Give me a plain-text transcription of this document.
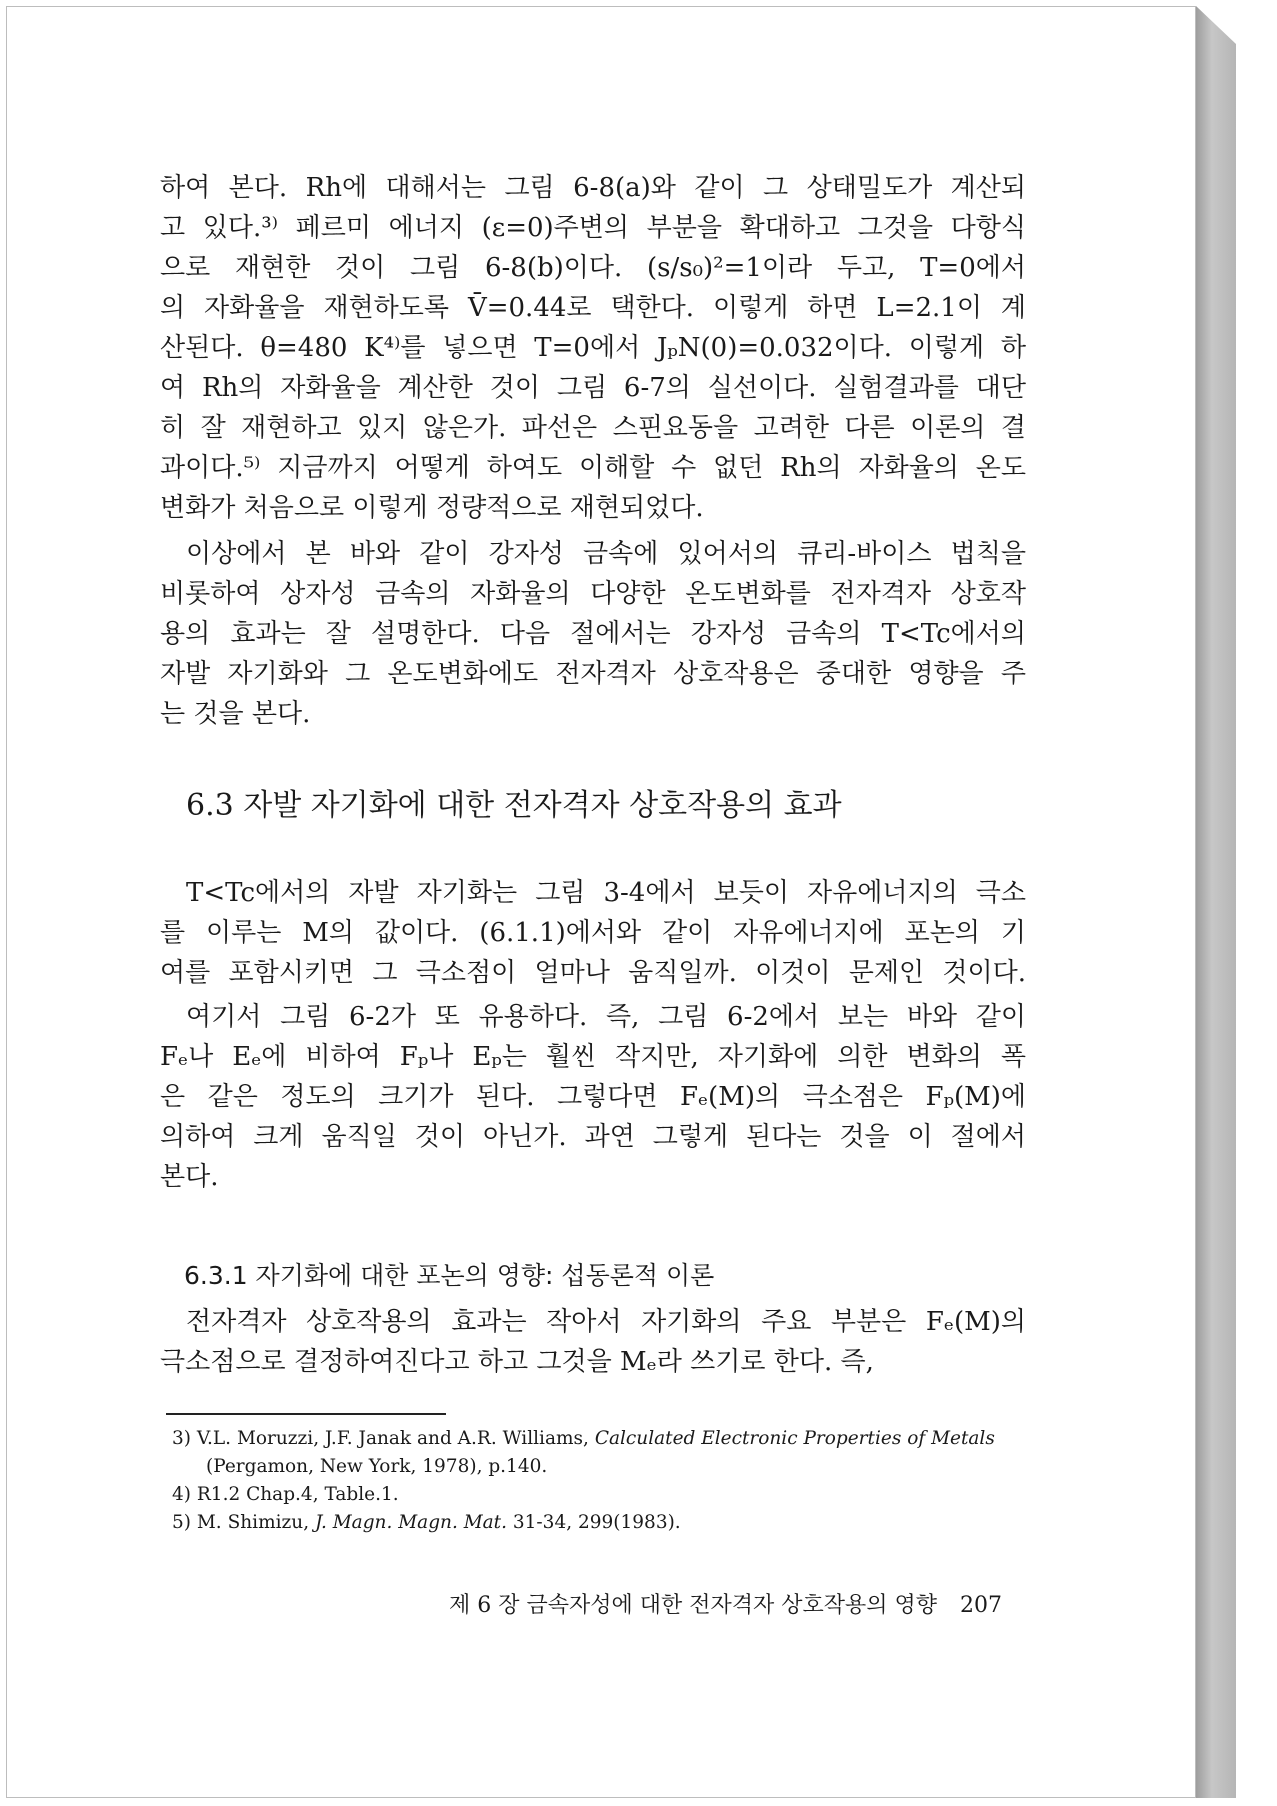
하여 본다. Rh에 대해서는 그림 6-8(a)와 같이 그 상태밀도가 계산되
고 있다.³⁾ 페르미 에너지 (ε=0)주변의 부분을 확대하고 그것을 다항식
으로 재현한 것이 그림 6-8(b)이다. (s/s₀)²=1이라 두고, T=0에서
의 자화율을 재현하도록 V̄=0.44로 택한다. 이렇게 하면 L=2.1이 계
산된다. θ=480 K⁴⁾를 넣으면 T=0에서 JₚN(0)=0.032이다. 이렇게 하
여 Rh의 자화율을 계산한 것이 그림 6-7의 실선이다. 실험결과를 대단
히 잘 재현하고 있지 않은가. 파선은 스핀요동을 고려한 다른 이론의 결
과이다.⁵⁾ 지금까지 어떻게 하여도 이해할 수 없던 Rh의 자화율의 온도
변화가 처음으로 이렇게 정량적으로 재현되었다.
이상에서 본 바와 같이 강자성 금속에 있어서의 큐리-바이스 법칙을
비롯하여 상자성 금속의 자화율의 다양한 온도변화를 전자격자 상호작
용의 효과는 잘 설명한다. 다음 절에서는 강자성 금속의 T<Tc에서의
자발 자기화와 그 온도변화에도 전자격자 상호작용은 중대한 영향을 주
는 것을 본다.
6.3 자발 자기화에 대한 전자격자 상호작용의 효과
T<Tc에서의 자발 자기화는 그림 3-4에서 보듯이 자유에너지의 극소
를 이루는 M의 값이다. (6.1.1)에서와 같이 자유에너지에 포논의 기
여를 포함시키면 그 극소점이 얼마나 움직일까. 이것이 문제인 것이다.
여기서 그림 6-2가 또 유용하다. 즉, 그림 6-2에서 보는 바와 같이
Fₑ나 Eₑ에 비하여 Fₚ나 Eₚ는 훨씬 작지만, 자기화에 의한 변화의 폭
은 같은 정도의 크기가 된다. 그렇다면 Fₑ(M)의 극소점은 Fₚ(M)에
의하여 크게 움직일 것이 아닌가. 과연 그렇게 된다는 것을 이 절에서
본다.
6.3.1 자기화에 대한 포논의 영향: 섭동론적 이론
전자격자 상호작용의 효과는 작아서 자기화의 주요 부분은 Fₑ(M)의
극소점으로 결정하여진다고 하고 그것을 Mₑ라 쓰기로 한다. 즉,
3) V.L. Moruzzi, J.F. Janak and A.R. Williams, Calculated Electronic Properties of Metals (Pergamon, New York, 1978), p.140.
4) R1.2 Chap.4, Table.1.
5) M. Shimizu, J. Magn. Magn. Mat. 31-34, 299(1983).
제 6 장 금속자성에 대한 전자격자 상호작용의 영향 207
